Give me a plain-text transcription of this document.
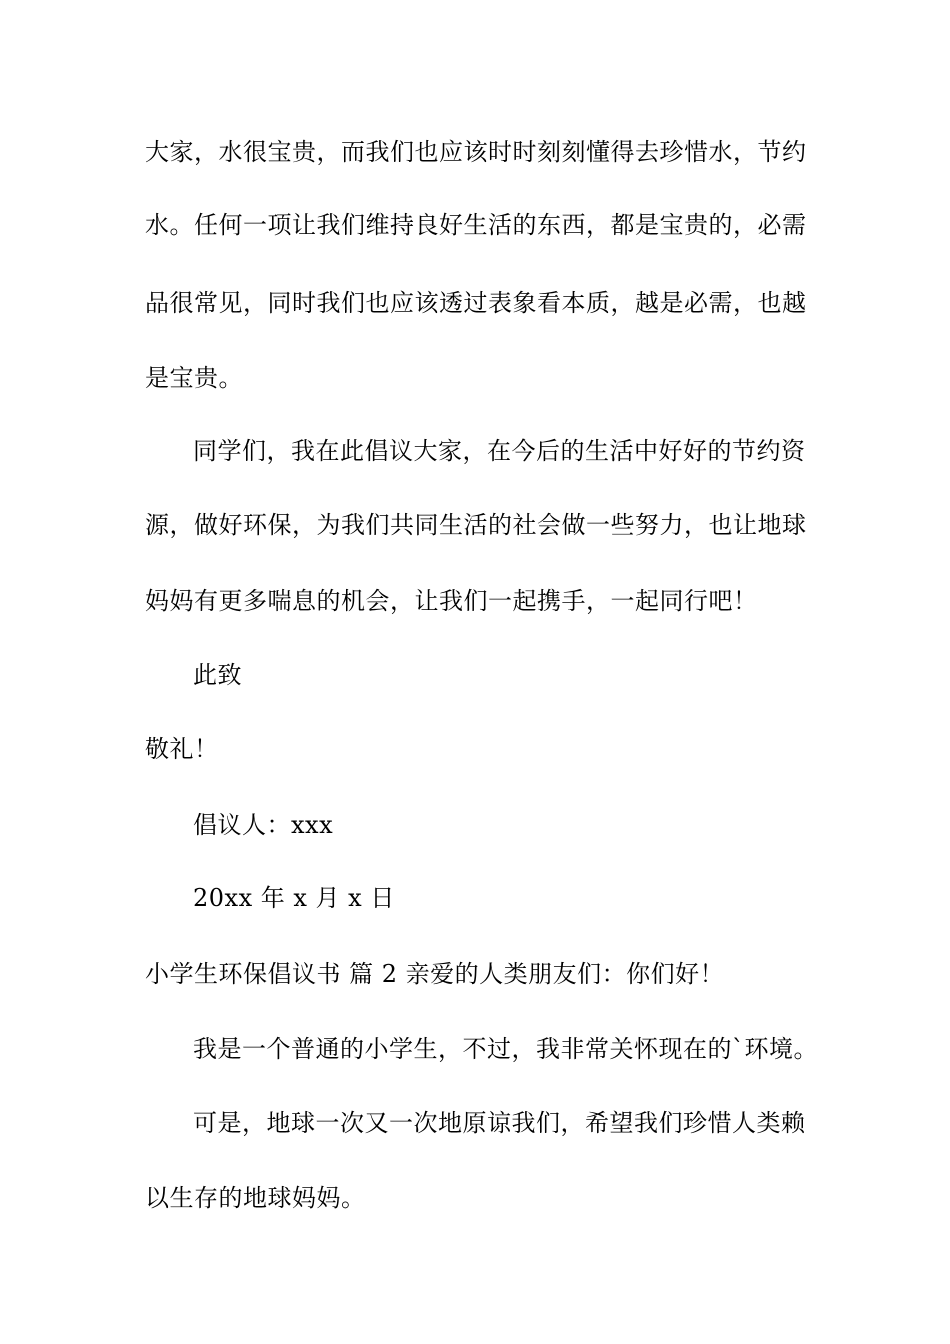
大家，水很宝贵，而我们也应该时时刻刻懂得去珍惜水，节约
水。任何一项让我们维持良好生活的东西，都是宝贵的，必需
品很常见，同时我们也应该透过表象看本质，越是必需，也越
是宝贵。
同学们，我在此倡议大家，在今后的生活中好好的节约资
源，做好环保，为我们共同生活的社会做一些努力，也让地球
妈妈有更多喘息的机会，让我们一起携手，一起同行吧！
此致
敬礼！
倡议人：xxx
20xx 年 x 月 x 日
小学生环保倡议书 篇 2 亲爱的人类朋友们：你们好！
我是一个普通的小学生，不过，我非常关怀现在的`环境。
可是，地球一次又一次地原谅我们，希望我们珍惜人类赖
以生存的地球妈妈。
